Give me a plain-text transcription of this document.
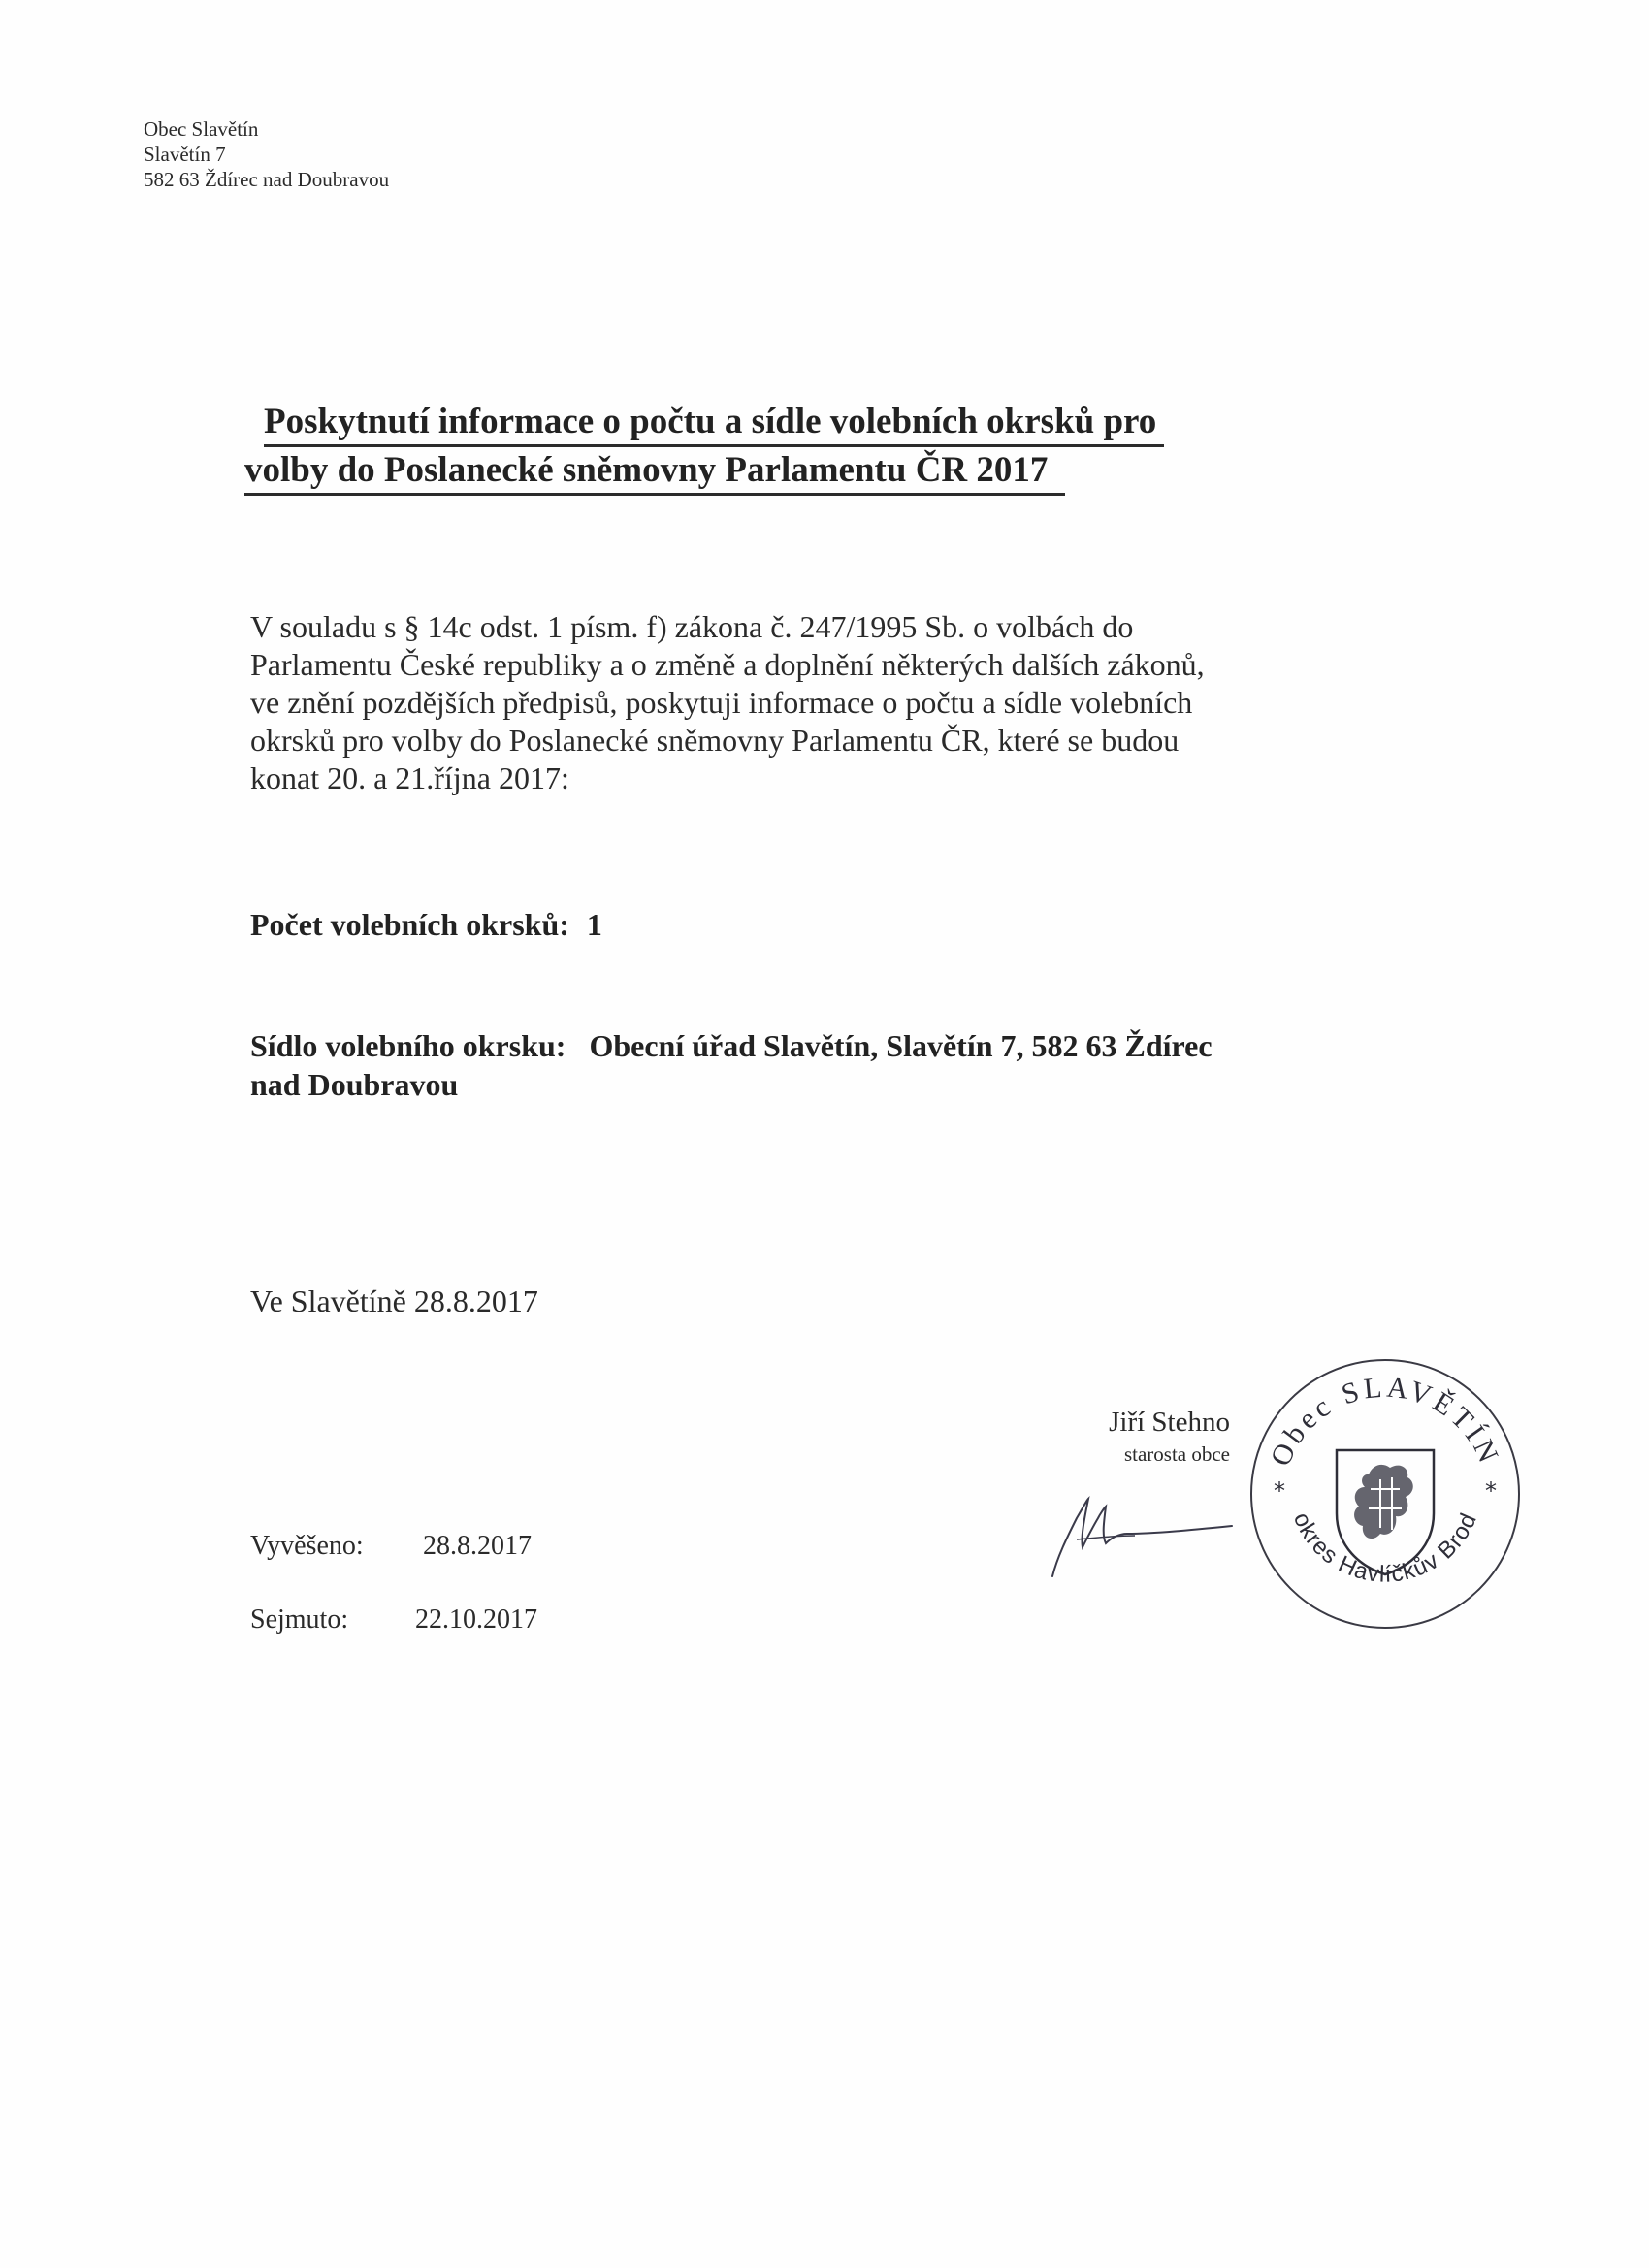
Obec Slavětín
Slavětín 7
582 63 Ždírec nad Doubravou
Poskytnutí informace o počtu a sídle volebních okrsků pro
volby do Poslanecké sněmovny Parlamentu ČR 2017
V souladu s § 14c odst. 1 písm. f) zákona č. 247/1995 Sb. o volbách do
Parlamentu České republiky a o změně a doplnění některých dalších zákonů,
ve znění pozdějších předpisů, poskytuji informace o počtu a sídle volebních
okrsků pro volby do Poslanecké sněmovny Parlamentu ČR, které se budou
konat 20. a 21.října 2017:
Počet volebních okrsků: 1
Sídlo volebního okrsku: Obecní úřad Slavětín, Slavětín 7, 582 63 Ždírec
nad Doubravou
Ve Slavětíně 28.8.2017
Jiří Stehno
starosta obce Obec SLAVĚTÍN
okres Havlíčkův Brod
*	*
Vyvěšeno: 28.8.2017
Sejmuto: 22.10.2017
